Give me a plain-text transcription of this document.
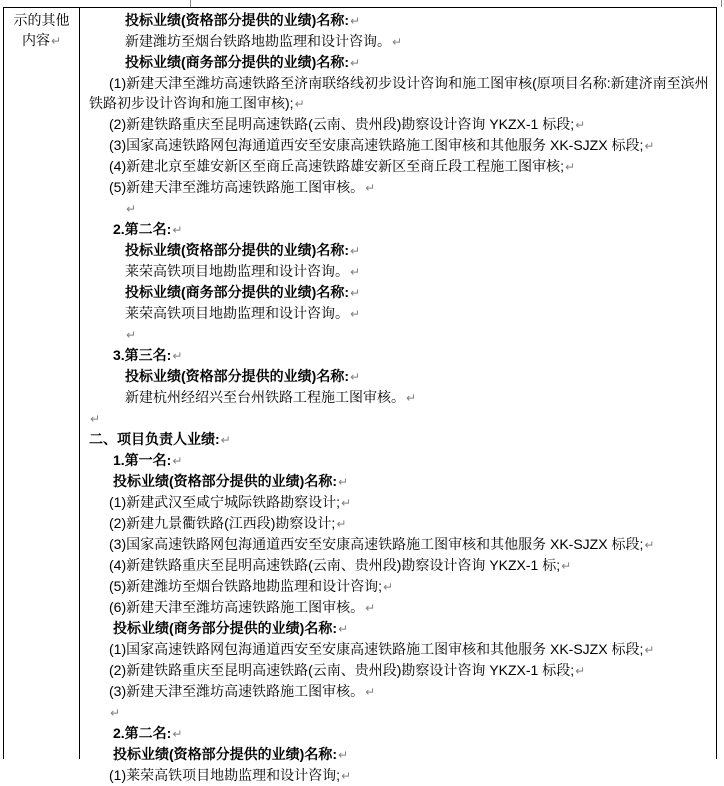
示的其他
内容↵
投标业绩(资格部分提供的业绩)名称:↵
新建潍坊至烟台铁路地勘监理和设计咨询。↵
投标业绩(商务部分提供的业绩)名称:↵
(1)新建天津至潍坊高速铁路至济南联络线初步设计咨询和施工图审核(原项目名称:新建济南至滨州铁路初步设计咨询和施工图审核);↵
(2)新建铁路重庆至昆明高速铁路(云南、贵州段)勘察设计咨询 YKZX-1 标段;↵
(3)国家高速铁路网包海通道西安至安康高速铁路施工图审核和其他服务 XK-SJZX 标段;↵
(4)新建北京至雄安新区至商丘高速铁路雄安新区至商丘段工程施工图审核;↵
(5)新建天津至潍坊高速铁路施工图审核。↵
↵
2.第二名:↵
投标业绩(资格部分提供的业绩)名称:↵
莱荣高铁项目地勘监理和设计咨询。↵
投标业绩(商务部分提供的业绩)名称:↵
莱荣高铁项目地勘监理和设计咨询。↵
↵
3.第三名:↵
投标业绩(资格部分提供的业绩)名称:↵
新建杭州经绍兴至台州铁路工程施工图审核。↵
↵
二、项目负责人业绩:↵
1.第一名:↵
投标业绩(资格部分提供的业绩)名称:↵
(1)新建武汉至咸宁城际铁路勘察设计;↵
(2)新建九景衢铁路(江西段)勘察设计;↵
(3)国家高速铁路网包海通道西安至安康高速铁路施工图审核和其他服务 XK-SJZX 标段;↵
(4)新建铁路重庆至昆明高速铁路(云南、贵州段)勘察设计咨询 YKZX-1 标;↵
(5)新建潍坊至烟台铁路地勘监理和设计咨询;↵
(6)新建天津至潍坊高速铁路施工图审核。↵
投标业绩(商务部分提供的业绩)名称:↵
(1)国家高速铁路网包海通道西安至安康高速铁路施工图审核和其他服务 XK-SJZX 标段;↵
(2)新建铁路重庆至昆明高速铁路(云南、贵州段)勘察设计咨询 YKZX-1 标段;↵
(3)新建天津至潍坊高速铁路施工图审核。↵
↵
2.第二名:↵
投标业绩(资格部分提供的业绩)名称:↵
(1)莱荣高铁项目地勘监理和设计咨询;↵
